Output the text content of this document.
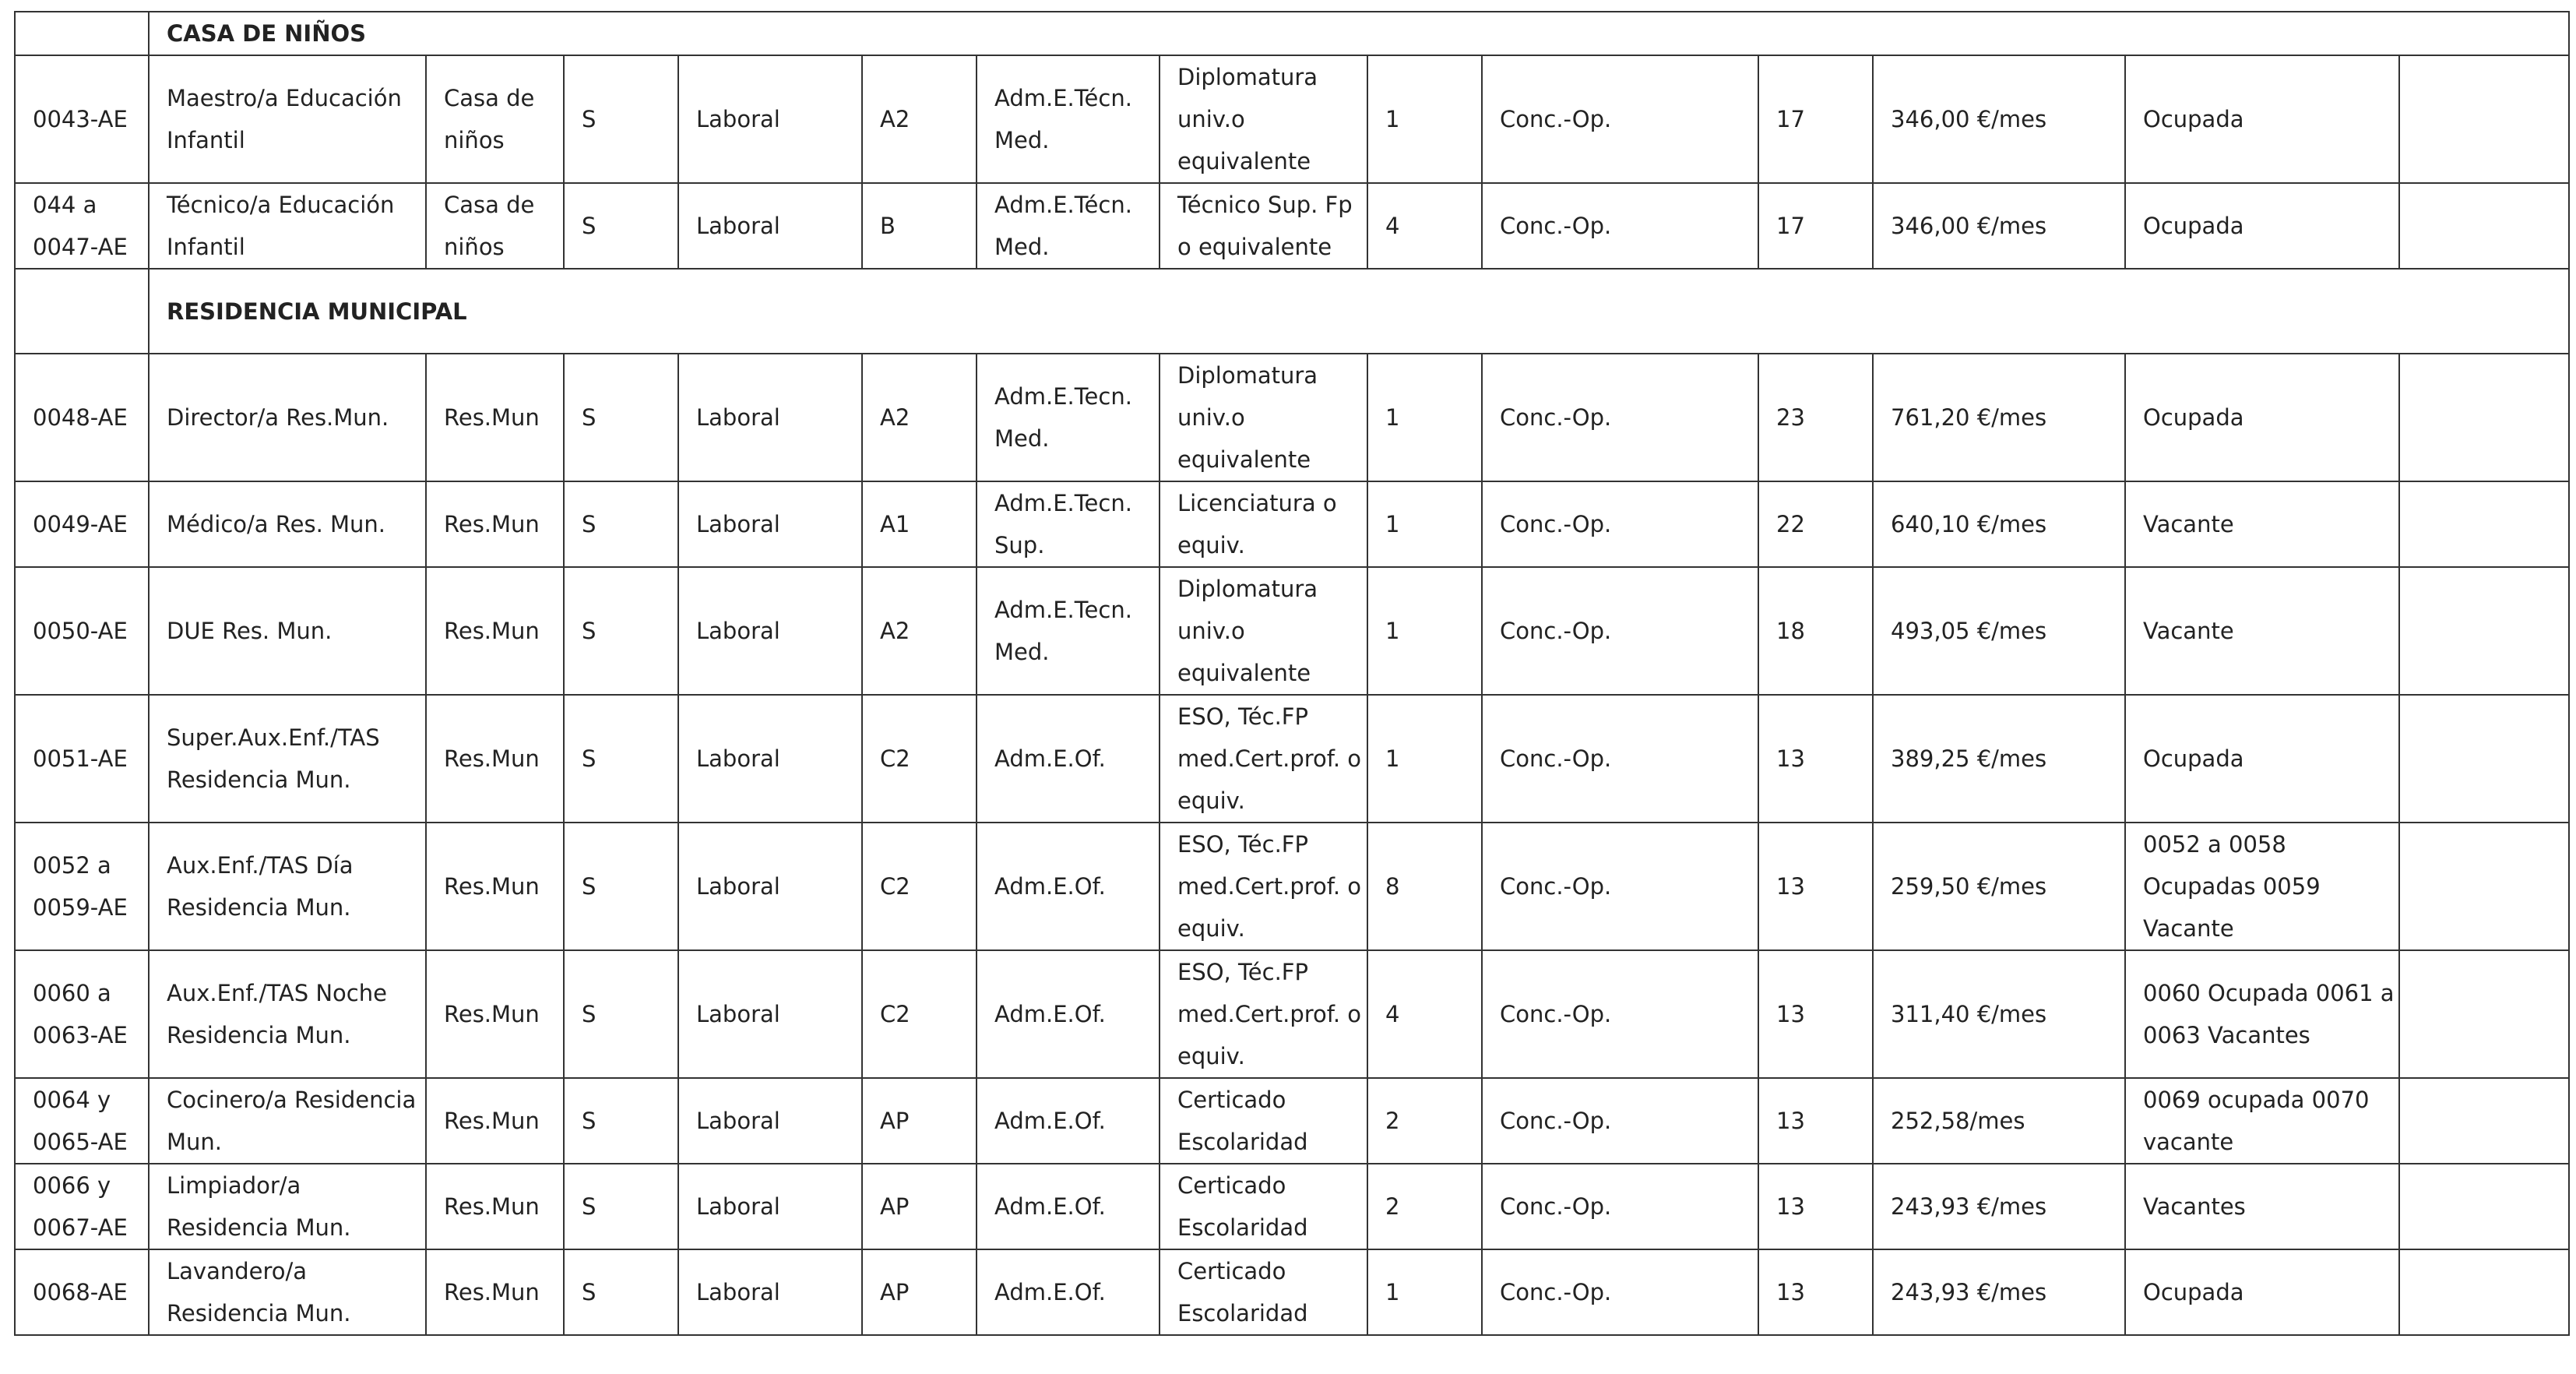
	CASA DE NIÑOS												
0043-AE	Maestro/a Educación Infantil	Casa de niños	S	Laboral	A2	Adm.E.Técn. Med.	Diplomatura univ.o equivalente	1	Conc.-Op.	17	346,00 €/mes	Ocupada	
044 a 0047-AE	Técnico/a Educación Infantil	Casa de niños	S	Laboral	B	Adm.E.Técn. Med.	Técnico Sup. Fp o equivalente	4	Conc.-Op.	17	346,00 €/mes	Ocupada	
	RESIDENCIA MUNICIPAL												
0048-AE	Director/a Res.Mun.	Res.Mun	S	Laboral	A2	Adm.E.Tecn. Med.	Diplomatura univ.o equivalente	1	Conc.-Op.	23	761,20 €/mes	Ocupada	
0049-AE	Médico/a Res. Mun.	Res.Mun	S	Laboral	A1	Adm.E.Tecn. Sup.	Licenciatura o equiv.	1	Conc.-Op.	22	640,10 €/mes	Vacante	
0050-AE	DUE Res. Mun.	Res.Mun	S	Laboral	A2	Adm.E.Tecn. Med.	Diplomatura univ.o equivalente	1	Conc.-Op.	18	493,05 €/mes	Vacante	
0051-AE	Super.Aux.Enf./TAS Residencia Mun.	Res.Mun	S	Laboral	C2	Adm.E.Of.	ESO, Téc.FP med.Cert.prof. o equiv.	1	Conc.-Op.	13	389,25 €/mes	Ocupada	
0052 a 0059-AE	Aux.Enf./TAS Día Residencia Mun.	Res.Mun	S	Laboral	C2	Adm.E.Of.	ESO, Téc.FP med.Cert.prof. o equiv.	8	Conc.-Op.	13	259,50 €/mes	0052 a 0058 Ocupadas 0059 Vacante	
0060 a 0063-AE	Aux.Enf./TAS Noche Residencia Mun.	Res.Mun	S	Laboral	C2	Adm.E.Of.	ESO, Téc.FP med.Cert.prof. o equiv.	4	Conc.-Op.	13	311,40 €/mes	0060 Ocupada 0061 a 0063 Vacantes	
0064 y 0065-AE	Cocinero/a Residencia Mun.	Res.Mun	S	Laboral	AP	Adm.E.Of.	Certicado Escolaridad	2	Conc.-Op.	13	252,58/mes	0069 ocupada 0070 vacante	
0066 y 0067-AE	Limpiador/a Residencia Mun.	Res.Mun	S	Laboral	AP	Adm.E.Of.	Certicado Escolaridad	2	Conc.-Op.	13	243,93 €/mes	Vacantes	
0068-AE	Lavandero/a Residencia Mun.	Res.Mun	S	Laboral	AP	Adm.E.Of.	Certicado Escolaridad	1	Conc.-Op.	13	243,93 €/mes	Ocupada	
